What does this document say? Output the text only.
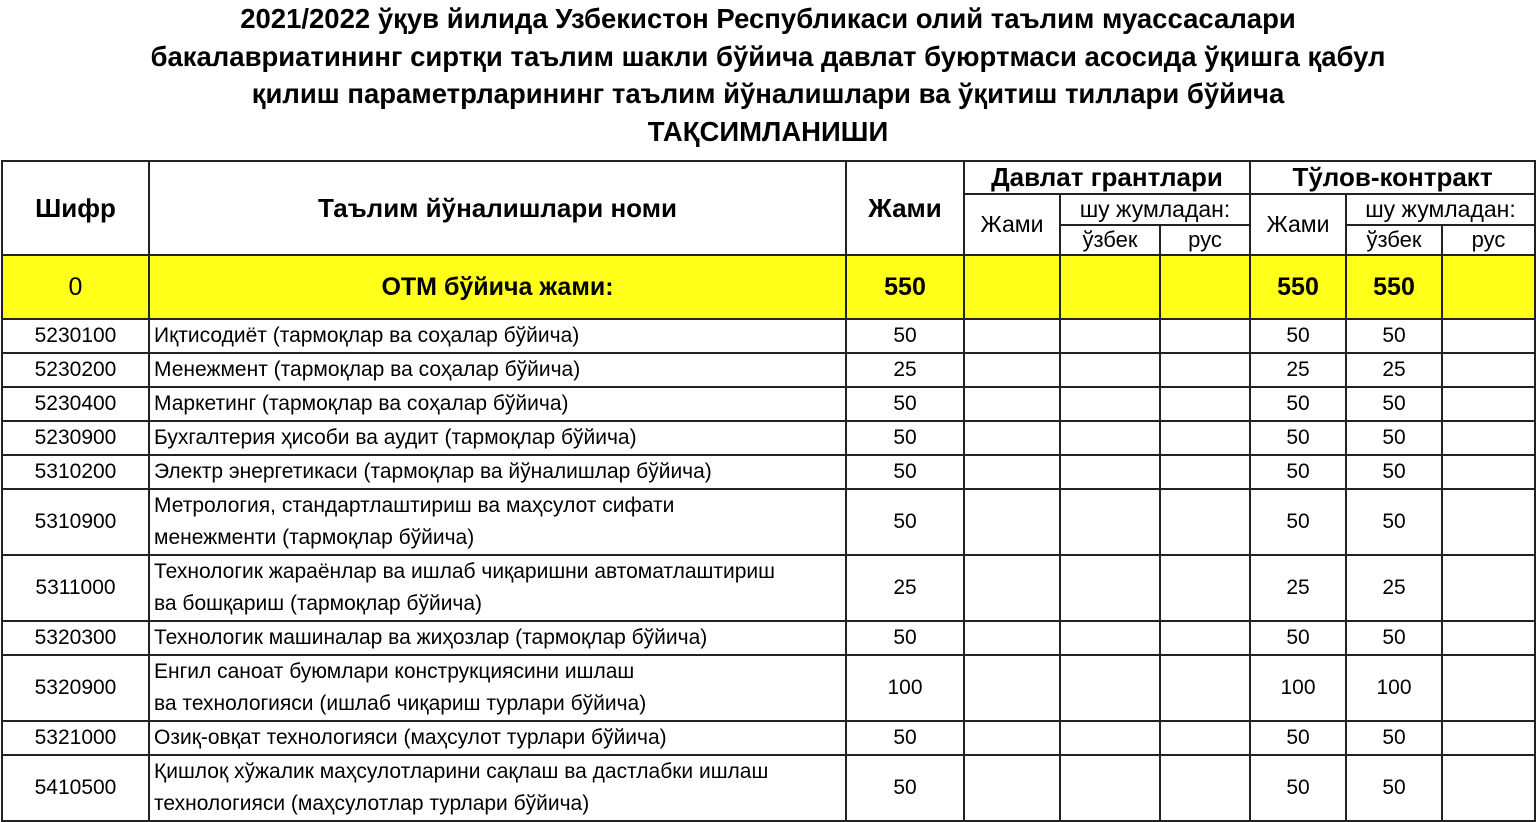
2021/2022 ўқув йилида Узбекистон Республикаси олий таълим муассасалари
бакалавриатининг сиртқи таълим шакли бўйича давлат буюртмаси асосида ўқишга қабул
қилиш параметрларининг таълим йўналишлари ва ўқитиш тиллари бўйича
ТАҚСИМЛАНИШИ
Шифр	Таълим йўналишлари номи	Жами	Давлат грантлари			Тўлов-контракт		
			Жами	шу жумладан:		Жами	шу жумладан:	
				ўзбек	рус		ўзбек	рус
0	ОТМ бўйича жами:	550				550	550	
5230100	Иқтисодиёт (тармоқлар ва соҳалар бўйича)	50				50	50	
5230200	Менежмент (тармоқлар ва соҳалар бўйича)	25				25	25	
5230400	Маркетинг (тармоқлар ва соҳалар бўйича)	50				50	50	
5230900	Бухгалтерия ҳисоби ва аудит (тармоқлар бўйича)	50				50	50	
5310200	Электр энергетикаси (тармоқлар ва йўналишлар бўйича)	50				50	50	
5310900	Метрология, стандартлаштириш ва маҳсулот сифати
менежменти (тармоқлар бўйича)	50				50	50	
5311000	Технологик жараёнлар ва ишлаб чиқаришни автоматлаштириш
ва бошқариш (тармоқлар бўйича)	25				25	25	
5320300	Технологик машиналар ва жиҳозлар (тармоқлар бўйича)	50				50	50	
5320900	Енгил саноат буюмлари конструкциясини ишлаш
ва технологияси (ишлаб чиқариш турлари бўйича)	100				100	100	
5321000	Озиқ-овқат технологияси (маҳсулот турлари бўйича)	50				50	50	
5410500	Қишлоқ хўжалик маҳсулотларини сақлаш ва дастлабки ишлаш
технологияси (маҳсулотлар турлари бўйича)	50				50	50	
